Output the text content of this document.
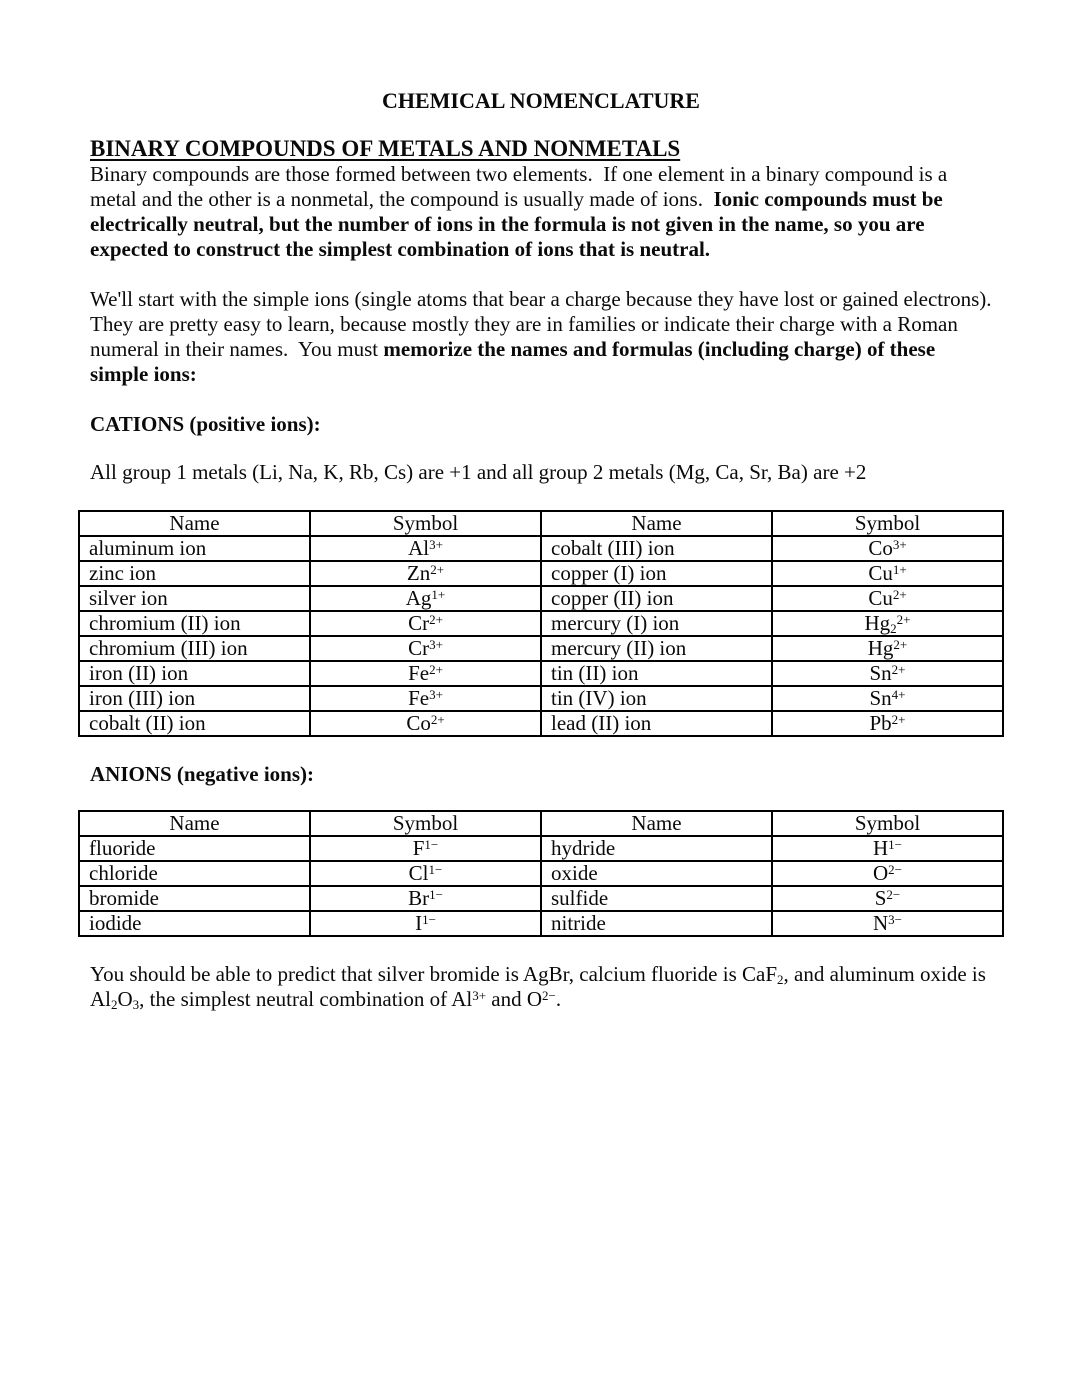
CHEMICAL NOMENCLATURE
BINARY COMPOUNDS OF METALS AND NONMETALS

Binary compounds are those formed between two elements.  If one element in a binary compound is a metal and the other is a nonmetal, the compound is usually made of ions.  Ionic compounds must be electrically neutral, but the number of ions in the formula is not given in the name, so you are expected to construct the simplest combination of ions that is neutral.

We'll start with the simple ions (single atoms that bear a charge because they have lost or gained electrons).  They are pretty easy to learn, because mostly they are in families or indicate their charge with a Roman numeral in their names.  You must memorize the names and formulas (including charge) of these simple ions:

CATIONS (positive ions):

All group 1 metals (Li, Na, K, Rb, Cs) are +1 and all group 2 metals (Mg, Ca, Sr, Ba) are +2

Name	Symbol	Name	Symbol
aluminum ion	$Al^{3+}$	cobalt (III) ion	$Co^{3+}$
zinc ion	$Zn^{2+}$	copper (I) ion	$Cu^{1+}$
silver ion	$Ag^{1+}$	copper (II) ion	$Cu^{2+}$
chromium (II) ion	$Cr^{2+}$	mercury (I) ion	$Hg_2^{2+}$
chromium (III) ion	$Cr^{3+}$	mercury (II) ion	$Hg^{2+}$
iron (II) ion	$Fe^{2+}$	tin (II) ion	$Sn^{2+}$
iron (III) ion	$Fe^{3+}$	tin (IV) ion	$Sn^{4+}$
cobalt (II) ion	$Co^{2+}$	lead (II) ion	$Pb^{2+}$
ANIONS (negative ions):
Name	Symbol	Name	Symbol
fluoride	$F^{1-}$	hydride	$H^{1-}$
chloride	$Cl^{1-}$	oxide	$O^{2-}$
bromide	$Br^{1-}$	sulfide	$S^{2-}$
iodide	$I^{1-}$	nitride	$N^{3-}$

You should be able to predict that silver bromide is AgBr, calcium fluoride is CaF$_2$, and aluminum oxide is $Al_2O_3$, the simplest neutral combination of $Al^{3+}$ and $O^{2-}$.
